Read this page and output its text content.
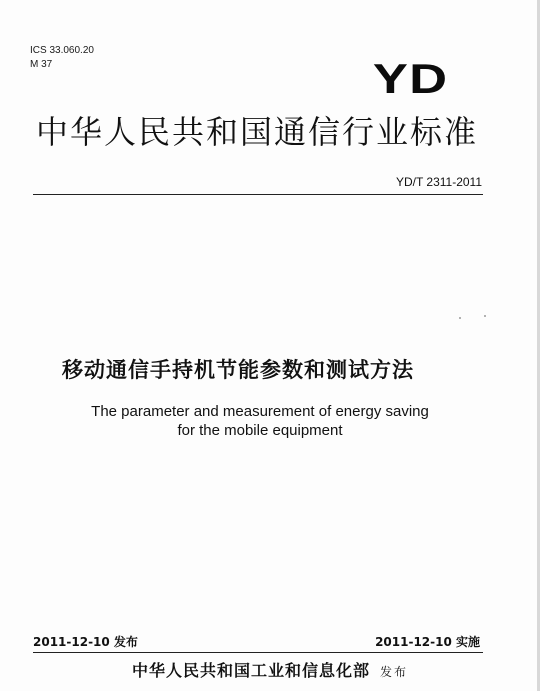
ICS 33.060.20
M 37	YD
中华人民共和国通信行业标准
YD/T 2311-2011
移动通信手持机节能参数和测试方法
The parameter and measurement of energy saving
for the mobile equipment
2011-12-10 发布	2011-12-10 实施
中华人民共和国工业和信息化部 发布
